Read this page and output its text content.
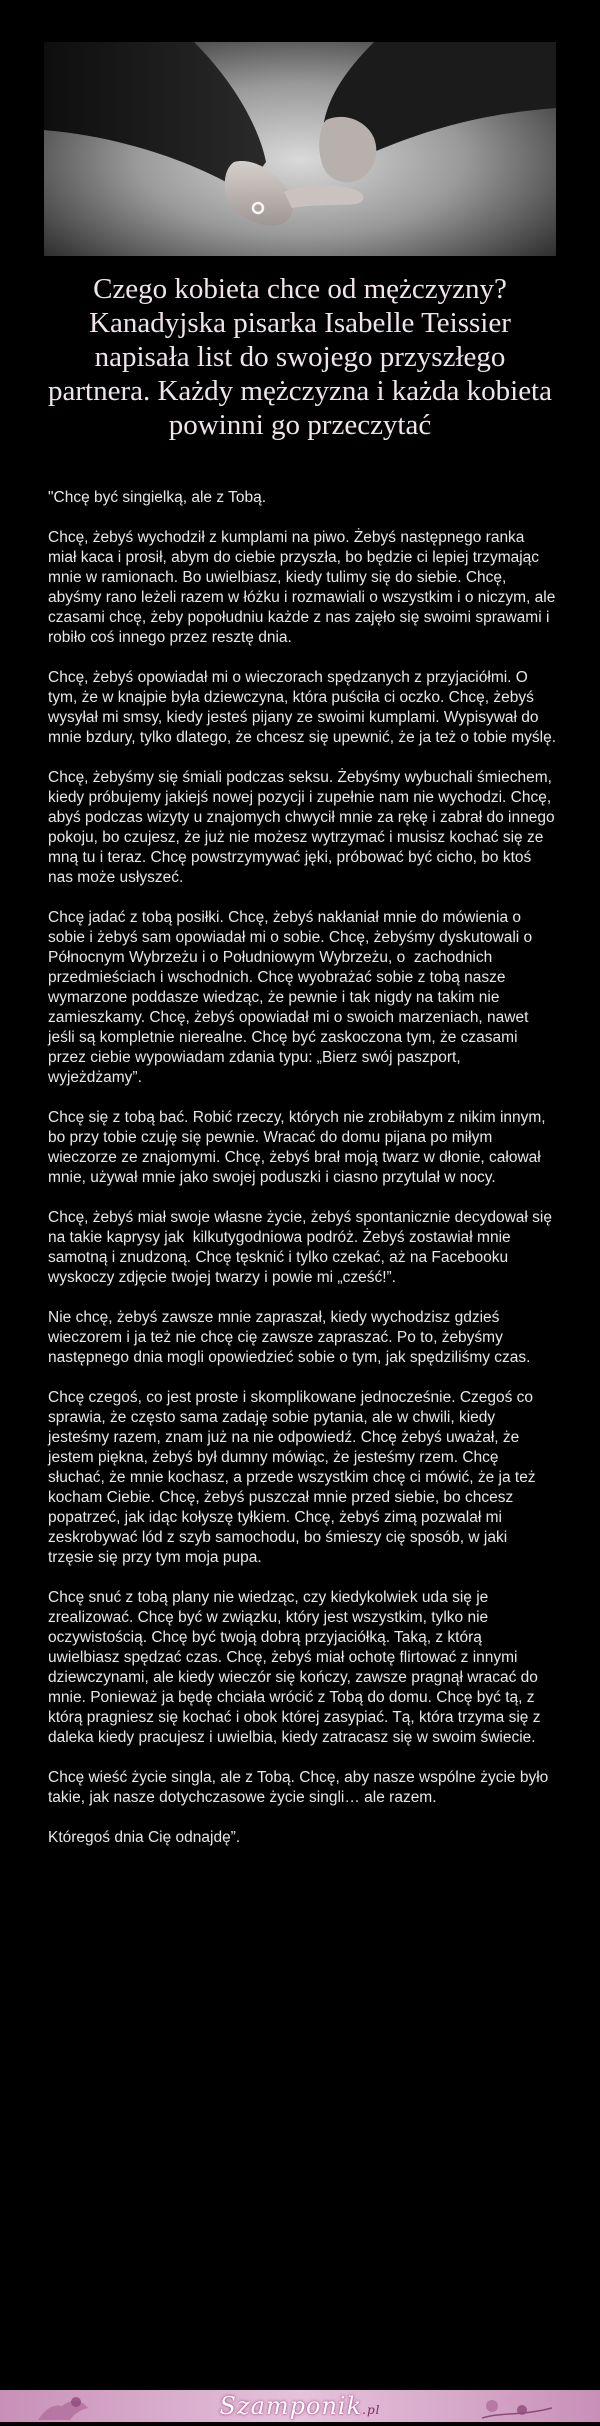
Czego kobieta chce od mężczyzny? Kanadyjska pisarka Isabelle Teissier napisała list do swojego przyszłego partnera. Każdy mężczyzna i każda kobieta powinni go przeczytać

"Chcę być singielką, ale z Tobą.

Chcę, żebyś wychodził z kumplami na piwo. Żebyś następnego ranka miał kaca i prosił, abym do ciebie przyszła, bo będzie ci lepiej trzymając mnie w ramionach. Bo uwielbiasz, kiedy tulimy się do siebie. Chcę, abyśmy rano leżeli razem w łóżku i rozmawiali o wszystkim i o niczym, ale czasami chcę, żeby popołudniu każde z nas zajęło się swoimi sprawami i robiło coś innego przez resztę dnia.

Chcę, żebyś opowiadał mi o wieczorach spędzanych z przyjaciółmi. O tym, że w knajpie była dziewczyna, która puściła ci oczko. Chcę, żebyś wysyłał mi smsy, kiedy jesteś pijany ze swoimi kumplami. Wypisywał do mnie bzdury, tylko dlatego, że chcesz się upewnić, że ja też o tobie myślę.

Chcę, żebyśmy się śmiali podczas seksu. Żebyśmy wybuchali śmiechem, kiedy próbujemy jakiejś nowej pozycji i zupełnie nam nie wychodzi. Chcę, abyś podczas wizyty u znajomych chwycił mnie za rękę i zabrał do innego pokoju, bo czujesz, że już nie możesz wytrzymać i musisz kochać się ze mną tu i teraz. Chcę powstrzymywać jęki, próbować być cicho, bo ktoś nas może usłyszeć.

Chcę jadać z tobą posiłki. Chcę, żebyś nakłaniał mnie do mówienia o sobie i żebyś sam opowiadał mi o sobie. Chcę, żebyśmy dyskutowali o Północnym Wybrzeżu i o Południowym Wybrzeżu, o  zachodnich przedmieściach i wschodnich. Chcę wyobrażać sobie z tobą nasze wymarzone poddasze wiedząc, że pewnie i tak nigdy na takim nie zamieszkamy. Chcę, żebyś opowiadał mi o swoich marzeniach, nawet jeśli są kompletnie nierealne. Chcę być zaskoczona tym, że czasami przez ciebie wypowiadam zdania typu: „Bierz swój paszport, wyjeżdżamy”.

Chcę się z tobą bać. Robić rzeczy, których nie zrobiłabym z nikim innym, bo przy tobie czuję się pewnie. Wracać do domu pijana po miłym wieczorze ze znajomymi. Chcę, żebyś brał moją twarz w dłonie, całował mnie, używał mnie jako swojej poduszki i ciasno przytulał w nocy.

Chcę, żebyś miał swoje własne życie, żebyś spontanicznie decydował się na takie kaprysy jak  kilkutygodniowa podróż. Żebyś zostawiał mnie samotną i znudzoną. Chcę tęsknić i tylko czekać, aż na Facebooku wyskoczy zdjęcie twojej twarzy i powie mi „cześć!”.

Nie chcę, żebyś zawsze mnie zapraszał, kiedy wychodzisz gdzieś wieczorem i ja też nie chcę cię zawsze zapraszać. Po to, żebyśmy następnego dnia mogli opowiedzieć sobie o tym, jak spędziliśmy czas.

Chcę czegoś, co jest proste i skomplikowane jednocześnie. Czegoś co sprawia, że często sama zadaję sobie pytania, ale w chwili, kiedy jesteśmy razem, znam już na nie odpowiedź. Chcę żebyś uważał, że jestem piękna, żebyś był dumny mówiąc, że jesteśmy rzem. Chcę słuchać, że mnie kochasz, a przede wszystkim chcę ci mówić, że ja też kocham Ciebie. Chcę, żebyś puszczał mnie przed siebie, bo chcesz popatrzeć, jak idąc kołyszę tyłkiem. Chcę, żebyś zimą pozwalał mi zeskrobywać lód z szyb samochodu, bo śmieszy cię sposób, w jaki trzęsie się przy tym moja pupa.

Chcę snuć z tobą plany nie wiedząc, czy kiedykolwiek uda się je zrealizować. Chcę być w związku, który jest wszystkim, tylko nie oczywistością. Chcę być twoją dobrą przyjaciółką. Taką, z którą uwielbiasz spędzać czas. Chcę, żebyś miał ochotę flirtować z innymi dziewczynami, ale kiedy wieczór się kończy, zawsze pragnął wracać do mnie. Ponieważ ja będę chciała wrócić z Tobą do domu. Chcę być tą, z którą pragniesz się kochać i obok której zasypiać. Tą, która trzyma się z daleka kiedy pracujesz i uwielbia, kiedy zatracasz się w swoim świecie.

Chcę wieść życie singla, ale z Tobą. Chcę, aby nasze wspólne życie było takie, jak nasze dotychczasowe życie singli… ale razem.

Któregoś dnia Cię odnajdę”.

Szamponik.pl
